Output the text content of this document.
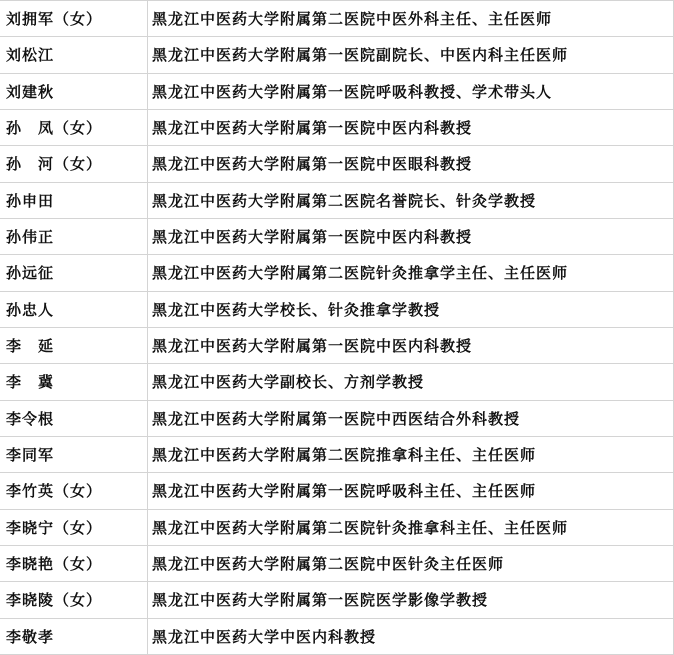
刘拥军（女）	黑龙江中医药大学附属第二医院中医外科主任、主任医师
刘松江	黑龙江中医药大学附属第一医院副院长、中医内科主任医师
刘建秋	黑龙江中医药大学附属第一医院呼吸科教授、学术带头人
孙　凤（女）	黑龙江中医药大学附属第一医院中医内科教授
孙　河（女）	黑龙江中医药大学附属第一医院中医眼科教授
孙申田	黑龙江中医药大学附属第二医院名誉院长、针灸学教授
孙伟正	黑龙江中医药大学附属第一医院中医内科教授
孙远征	黑龙江中医药大学附属第二医院针灸推拿学主任、主任医师
孙忠人	黑龙江中医药大学校长、针灸推拿学教授
李　延	黑龙江中医药大学附属第一医院中医内科教授
李　冀	黑龙江中医药大学副校长、方剂学教授
李令根	黑龙江中医药大学附属第一医院中西医结合外科教授
李同军	黑龙江中医药大学附属第二医院推拿科主任、主任医师
李竹英（女）	黑龙江中医药大学附属第一医院呼吸科主任、主任医师
李晓宁（女）	黑龙江中医药大学附属第二医院针灸推拿科主任、主任医师
李晓艳（女）	黑龙江中医药大学附属第二医院中医针灸主任医师
李晓陵（女）	黑龙江中医药大学附属第一医院医学影像学教授
李敬孝	黑龙江中医药大学中医内科教授
